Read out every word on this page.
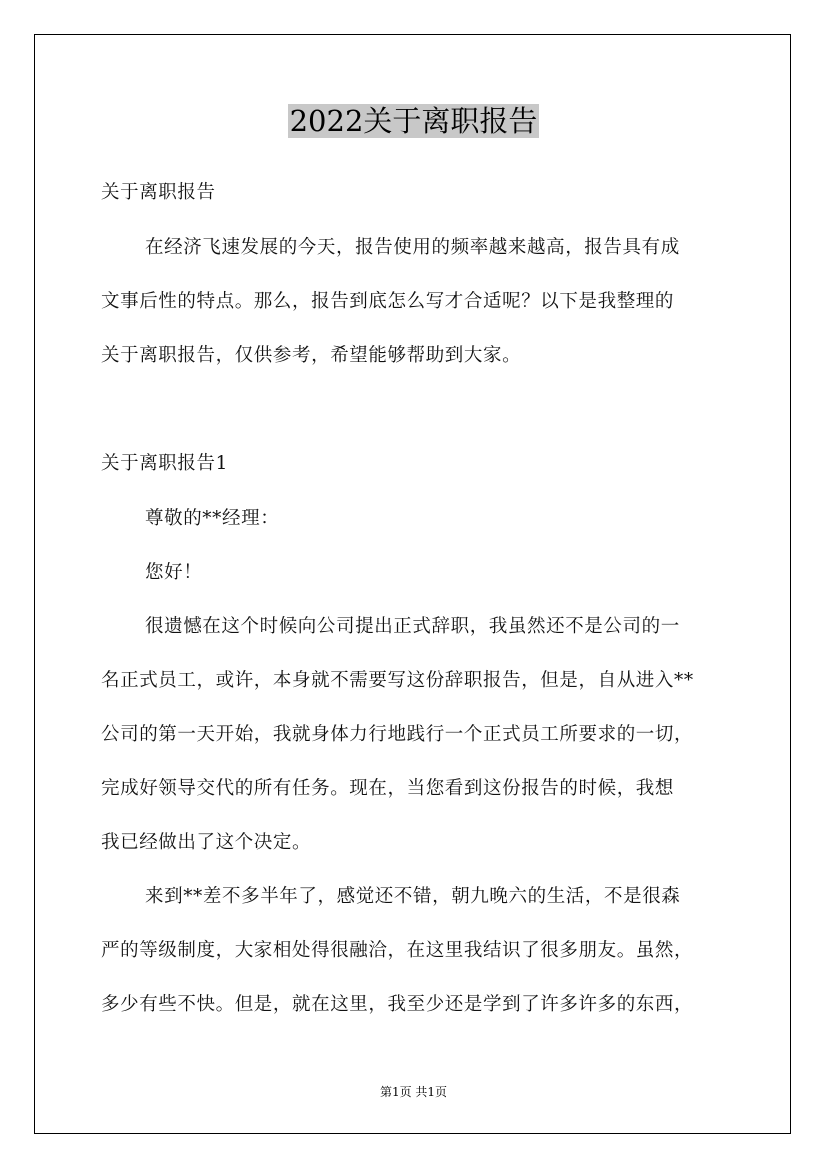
2022关于离职报告
关于离职报告
在经济飞速发展的今天，报告使用的频率越来越高，报告具有成
文事后性的特点。那么，报告到底怎么写才合适呢？以下是我整理的
关于离职报告，仅供参考，希望能够帮助到大家。
关于离职报告1
尊敬的**经理：
您好！
很遗憾在这个时候向公司提出正式辞职，我虽然还不是公司的一
名正式员工，或许，本身就不需要写这份辞职报告，但是，自从进入**
公司的第一天开始，我就身体力行地践行一个正式员工所要求的一切，
完成好领导交代的所有任务。现在，当您看到这份报告的时候，我想
我已经做出了这个决定。
来到**差不多半年了，感觉还不错，朝九晚六的生活，不是很森
严的等级制度，大家相处得很融洽，在这里我结识了很多朋友。虽然，
多少有些不快。但是，就在这里，我至少还是学到了许多许多的东西，
第1页 共1页
